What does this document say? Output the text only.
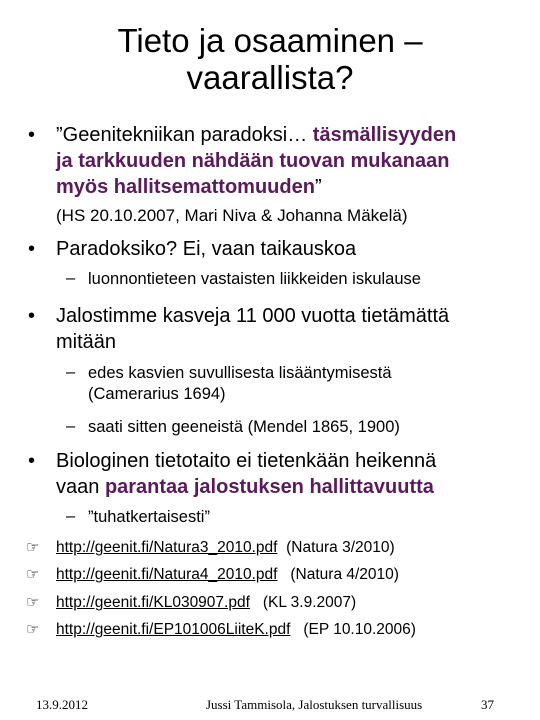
Tieto ja osaaminen –
vaarallista?
• ”Geenitekniikan paradoksi… täsmällisyyden
ja tarkkuuden nähdään tuovan mukanaan
myös hallitsemattomuuden”
(HS 20.10.2007, Mari Niva & Johanna Mäkelä)
• Paradoksiko? Ei, vaan taikauskoa
– luonnontieteen vastaisten liikkeiden iskulause
• Jalostimme kasveja 11 000 vuotta tietämättä
mitään
– edes kasvien suvullisesta lisääntymisestä
(Camerarius 1694)
– saati sitten geeneistä (Mendel 1865, 1900)
• Biologinen tietotaito ei tietenkään heikennä
vaan parantaa jalostuksen hallittavuutta
– ”tuhatkertaisesti”
☞ http://geenit.fi/Natura3_2010.pdf (Natura 3/2010)
☞ http://geenit.fi/Natura4_2010.pdf (Natura 4/2010)
☞ http://geenit.fi/KL030907.pdf (KL 3.9.2007)
☞ http://geenit.fi/EP101006LiiteK.pdf (EP 10.10.2006)
13.9.2012	Jussi Tammisola, Jalostuksen turvallisuus	37
